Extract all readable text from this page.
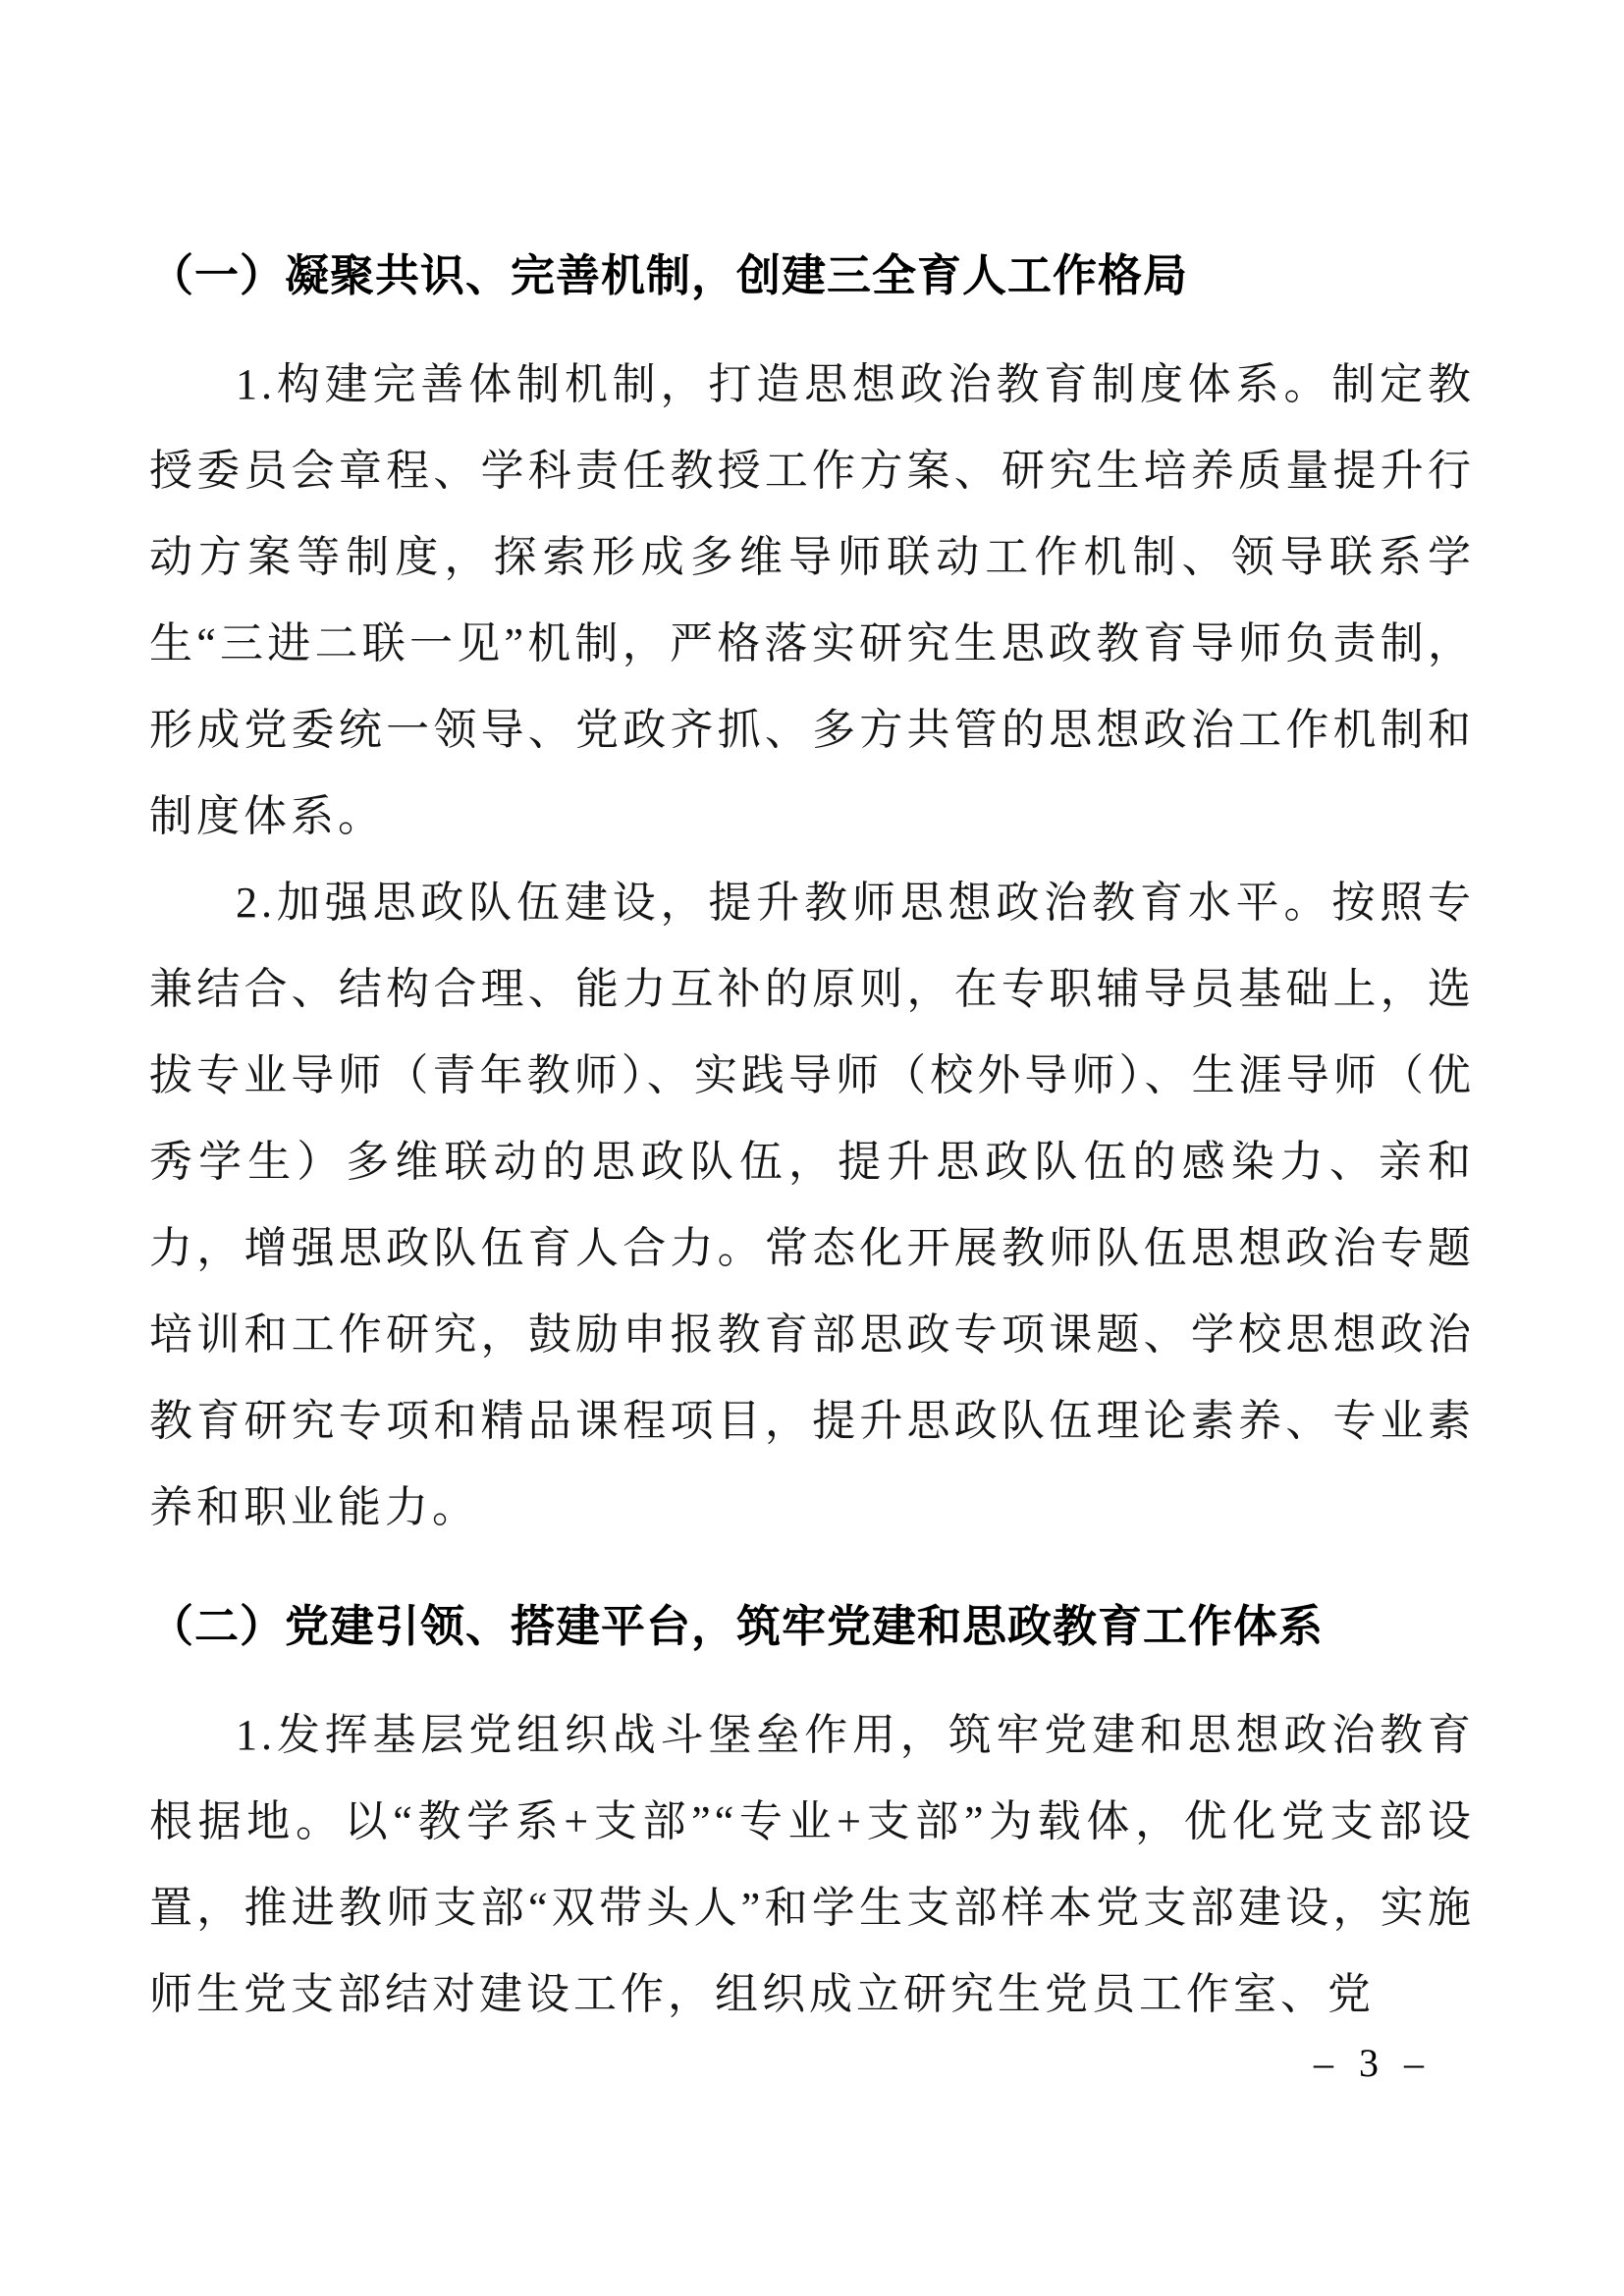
（一）凝聚共识、完善机制，创建三全育人工作格局

1.构建完善体制机制，打造思想政治教育制度体系。制定教授委员会章程、学科责任教授工作方案、研究生培养质量提升行动方案等制度，探索形成多维导师联动工作机制、领导联系学生“三进二联一见”机制，严格落实研究生思政教育导师负责制，形成党委统一领导、党政齐抓、多方共管的思想政治工作机制和制度体系。

2.加强思政队伍建设，提升教师思想政治教育水平。按照专兼结合、结构合理、能力互补的原则，在专职辅导员基础上，选拔专业导师（青年教师）、实践导师（校外导师）、生涯导师（优秀学生）多维联动的思政队伍，提升思政队伍的感染力、亲和力，增强思政队伍育人合力。常态化开展教师队伍思想政治专题培训和工作研究，鼓励申报教育部思政专项课题、学校思想政治教育研究专项和精品课程项目，提升思政队伍理论素养、专业素养和职业能力。

（二）党建引领、搭建平台，筑牢党建和思政教育工作体系

1.发挥基层党组织战斗堡垒作用，筑牢党建和思想政治教育根据地。以“教学系+支部”“专业+支部”为载体，优化党支部设置，推进教师支部“双带头人”和学生支部样本党支部建设，实施师生党支部结对建设工作，组织成立研究生党员工作室、党

– 3 –
